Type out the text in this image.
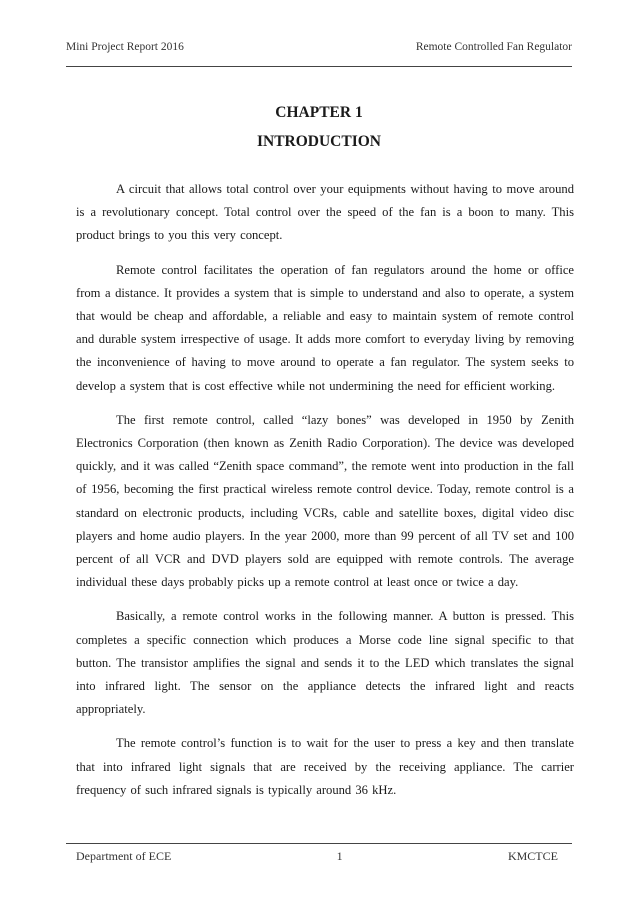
Mini Project Report 2016	Remote Controlled Fan Regulator
CHAPTER 1
INTRODUCTION

A circuit that allows total control over your equipments without having to move around is a revolutionary concept. Total control over the speed of the fan is a boon to many. This product brings to you this very concept.

Remote control facilitates the operation of fan regulators around the home or office from a distance. It provides a system that is simple to understand and also to operate, a system that would be cheap and affordable, a reliable and easy to maintain system of remote control and durable system irrespective of usage. It adds more comfort to everyday living by removing the inconvenience of having to move around to operate a fan regulator. The system seeks to develop a system that is cost effective while not undermining the need for efficient working.

The first remote control, called “lazy bones” was developed in 1950 by Zenith Electronics Corporation (then known as Zenith Radio Corporation). The device was developed quickly, and it was called “Zenith space command”, the remote went into production in the fall of 1956, becoming the first practical wireless remote control device. Today, remote control is a standard on electronic products, including VCRs, cable and satellite boxes, digital video disc players and home audio players. In the year 2000, more than 99 percent of all TV set and 100 percent of all VCR and DVD players sold are equipped with remote controls. The average individual these days probably picks up a remote control at least once or twice a day.

Basically, a remote control works in the following manner. A button is pressed. This completes a specific connection which produces a Morse code line signal specific to that button. The transistor amplifies the signal and sends it to the LED which translates the signal into infrared light. The sensor on the appliance detects the infrared light and reacts appropriately.

The remote control’s function is to wait for the user to press a key and then translate that into infrared light signals that are received by the receiving appliance. The carrier frequency of such infrared signals is typically around 36 kHz.

Department of ECE	1	KMCTCE
